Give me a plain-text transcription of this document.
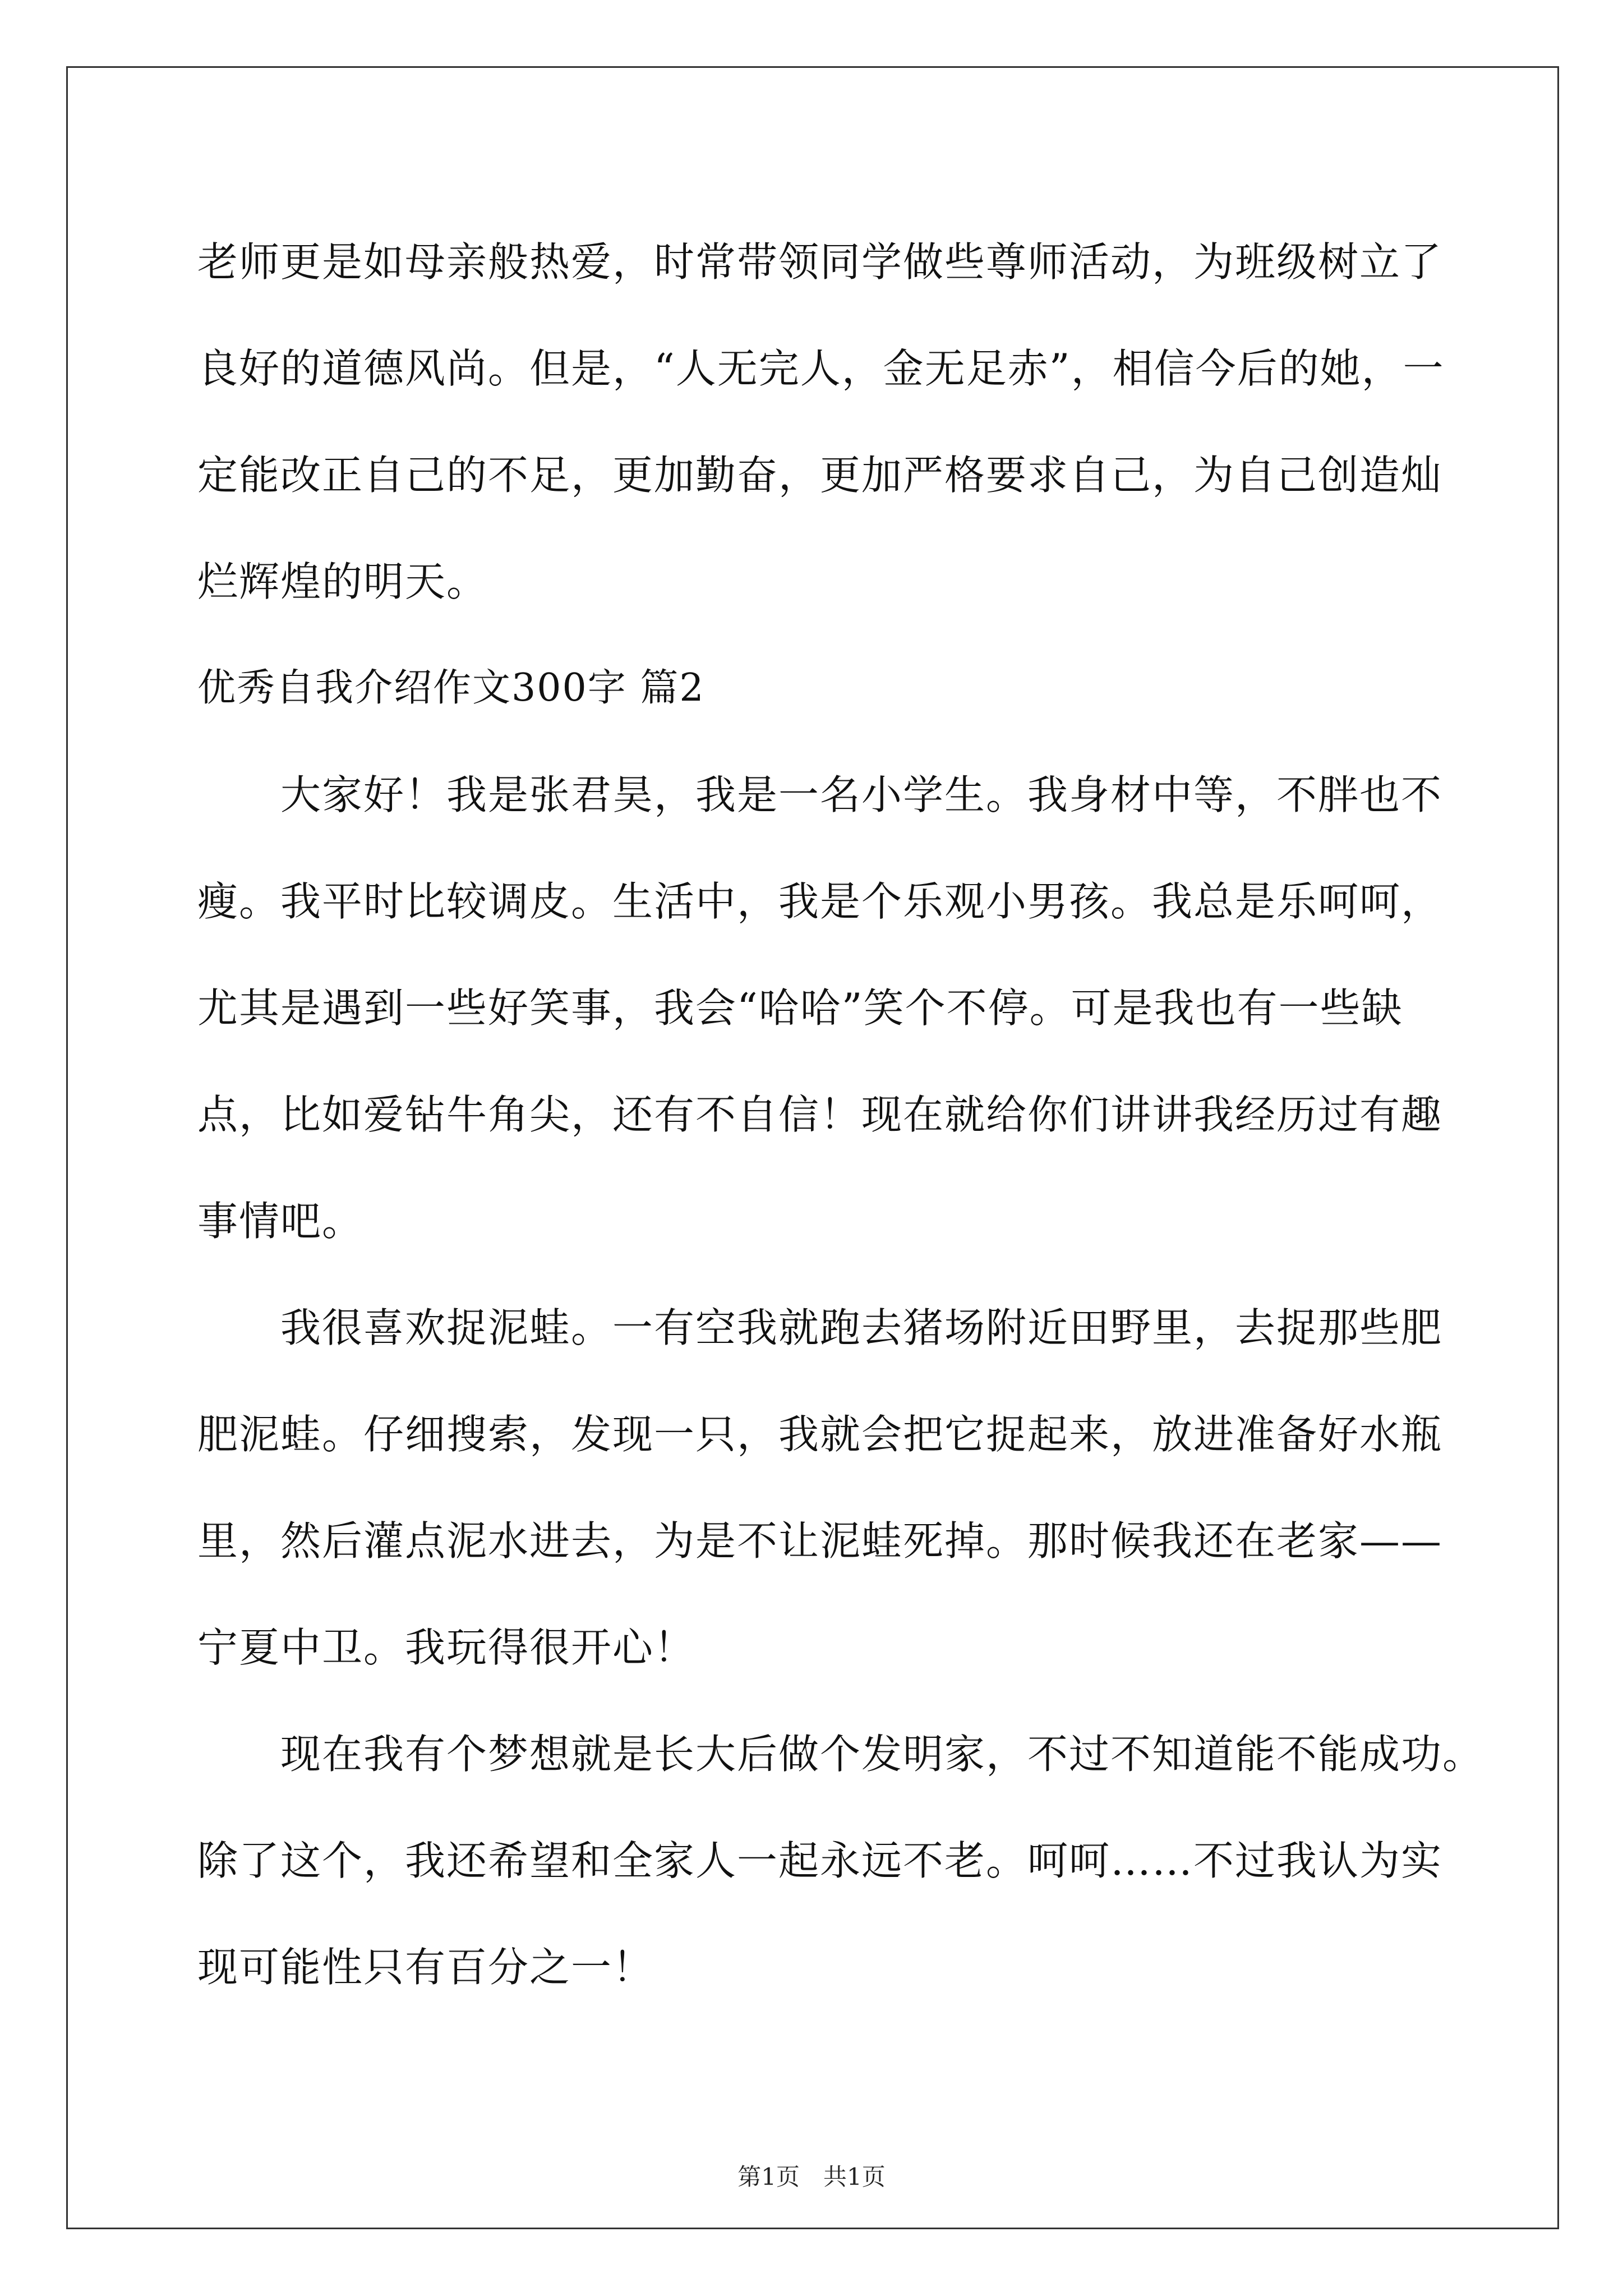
老师更是如母亲般热爱，时常带领同学做些尊师活动，为班级树立了
良好的道德风尚。但是，“人无完人，金无足赤”，相信今后的她，一
定能改正自己的不足，更加勤奋，更加严格要求自己，为自己创造灿
烂辉煌的明天。
优秀自我介绍作文300字 篇2
大家好！我是张君昊，我是一名小学生。我身材中等，不胖也不
瘦。我平时比较调皮。生活中，我是个乐观小男孩。我总是乐呵呵，
尤其是遇到一些好笑事，我会“哈哈”笑个不停。可是我也有一些缺
点，比如爱钻牛角尖，还有不自信！现在就给你们讲讲我经历过有趣
事情吧。
我很喜欢捉泥蛙。一有空我就跑去猪场附近田野里，去捉那些肥
肥泥蛙。仔细搜索，发现一只，我就会把它捉起来，放进准备好水瓶
里，然后灌点泥水进去，为是不让泥蛙死掉。那时候我还在老家——
宁夏中卫。我玩得很开心！
现在我有个梦想就是长大后做个发明家，不过不知道能不能成功。
除了这个，我还希望和全家人一起永远不老。呵呵……不过我认为实
现可能性只有百分之一！
第1页　共1页
